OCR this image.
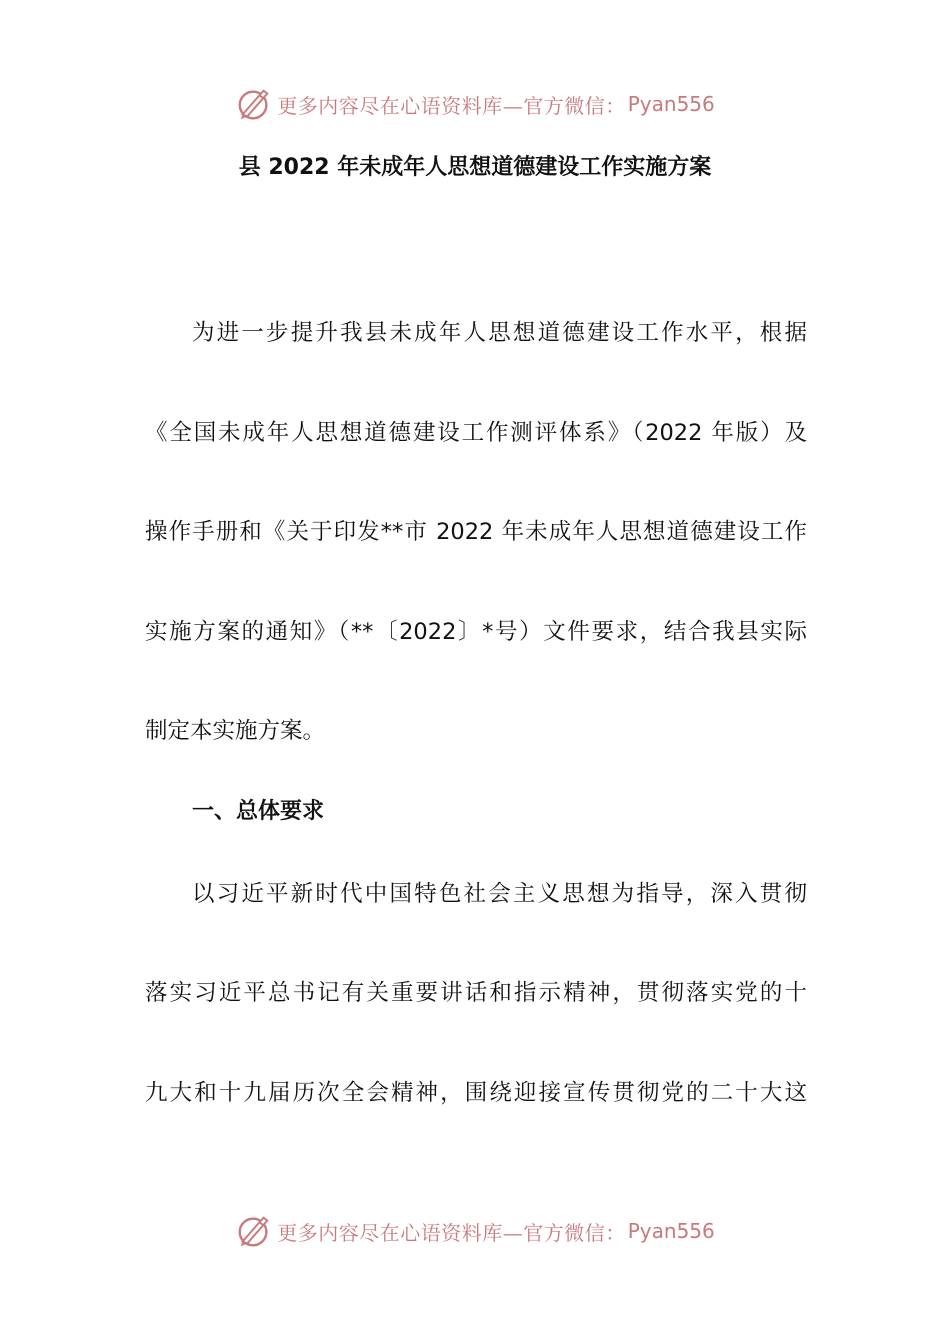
更多内容尽在心语资料库—官方微信： Pyan556
县 2022 年未成年人思想道德建设工作实施方案
为进一步提升我县未成年人思想道德建设工作水平，根据
《全国未成年人思想道德建设工作测评体系》（2022 年版）及
操作手册和《关于印发**市 2022 年未成年人思想道德建设工作
实施方案的通知》（**〔2022〕*号）文件要求，结合我县实际
制定本实施方案。
一、总体要求
以习近平新时代中国特色社会主义思想为指导，深入贯彻
落实习近平总书记有关重要讲话和指示精神，贯彻落实党的十
九大和十九届历次全会精神，围绕迎接宣传贯彻党的二十大这
更多内容尽在心语资料库—官方微信： Pyan556
